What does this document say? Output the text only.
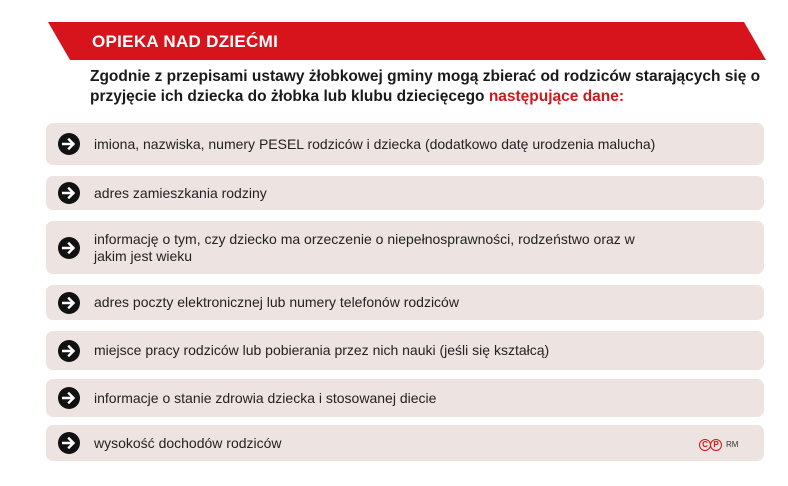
OPIEKA NAD DZIEĆMI
Zgodnie z przepisami ustawy żłobkowej gminy mogą zbierać od rodziców starających się o przyjęcie ich dziecka do żłobka lub klubu dziecięcego następujące dane:
imiona, nazwiska, numery PESEL rodziców i dziecka (dodatkowo datę urodzenia malucha)
adres zamieszkania rodziny
informację o tym, czy dziecko ma orzeczenie o niepełnosprawności, rodzeństwo oraz w jakim jest wieku
adres poczty elektronicznej lub numery telefonów rodziców
miejsce pracy rodziców lub pobierania przez nich nauki (jeśli się kształcą)
informacje o stanie zdrowia dziecka i stosowanej diecie
wysokość dochodów rodziców	C P RM
